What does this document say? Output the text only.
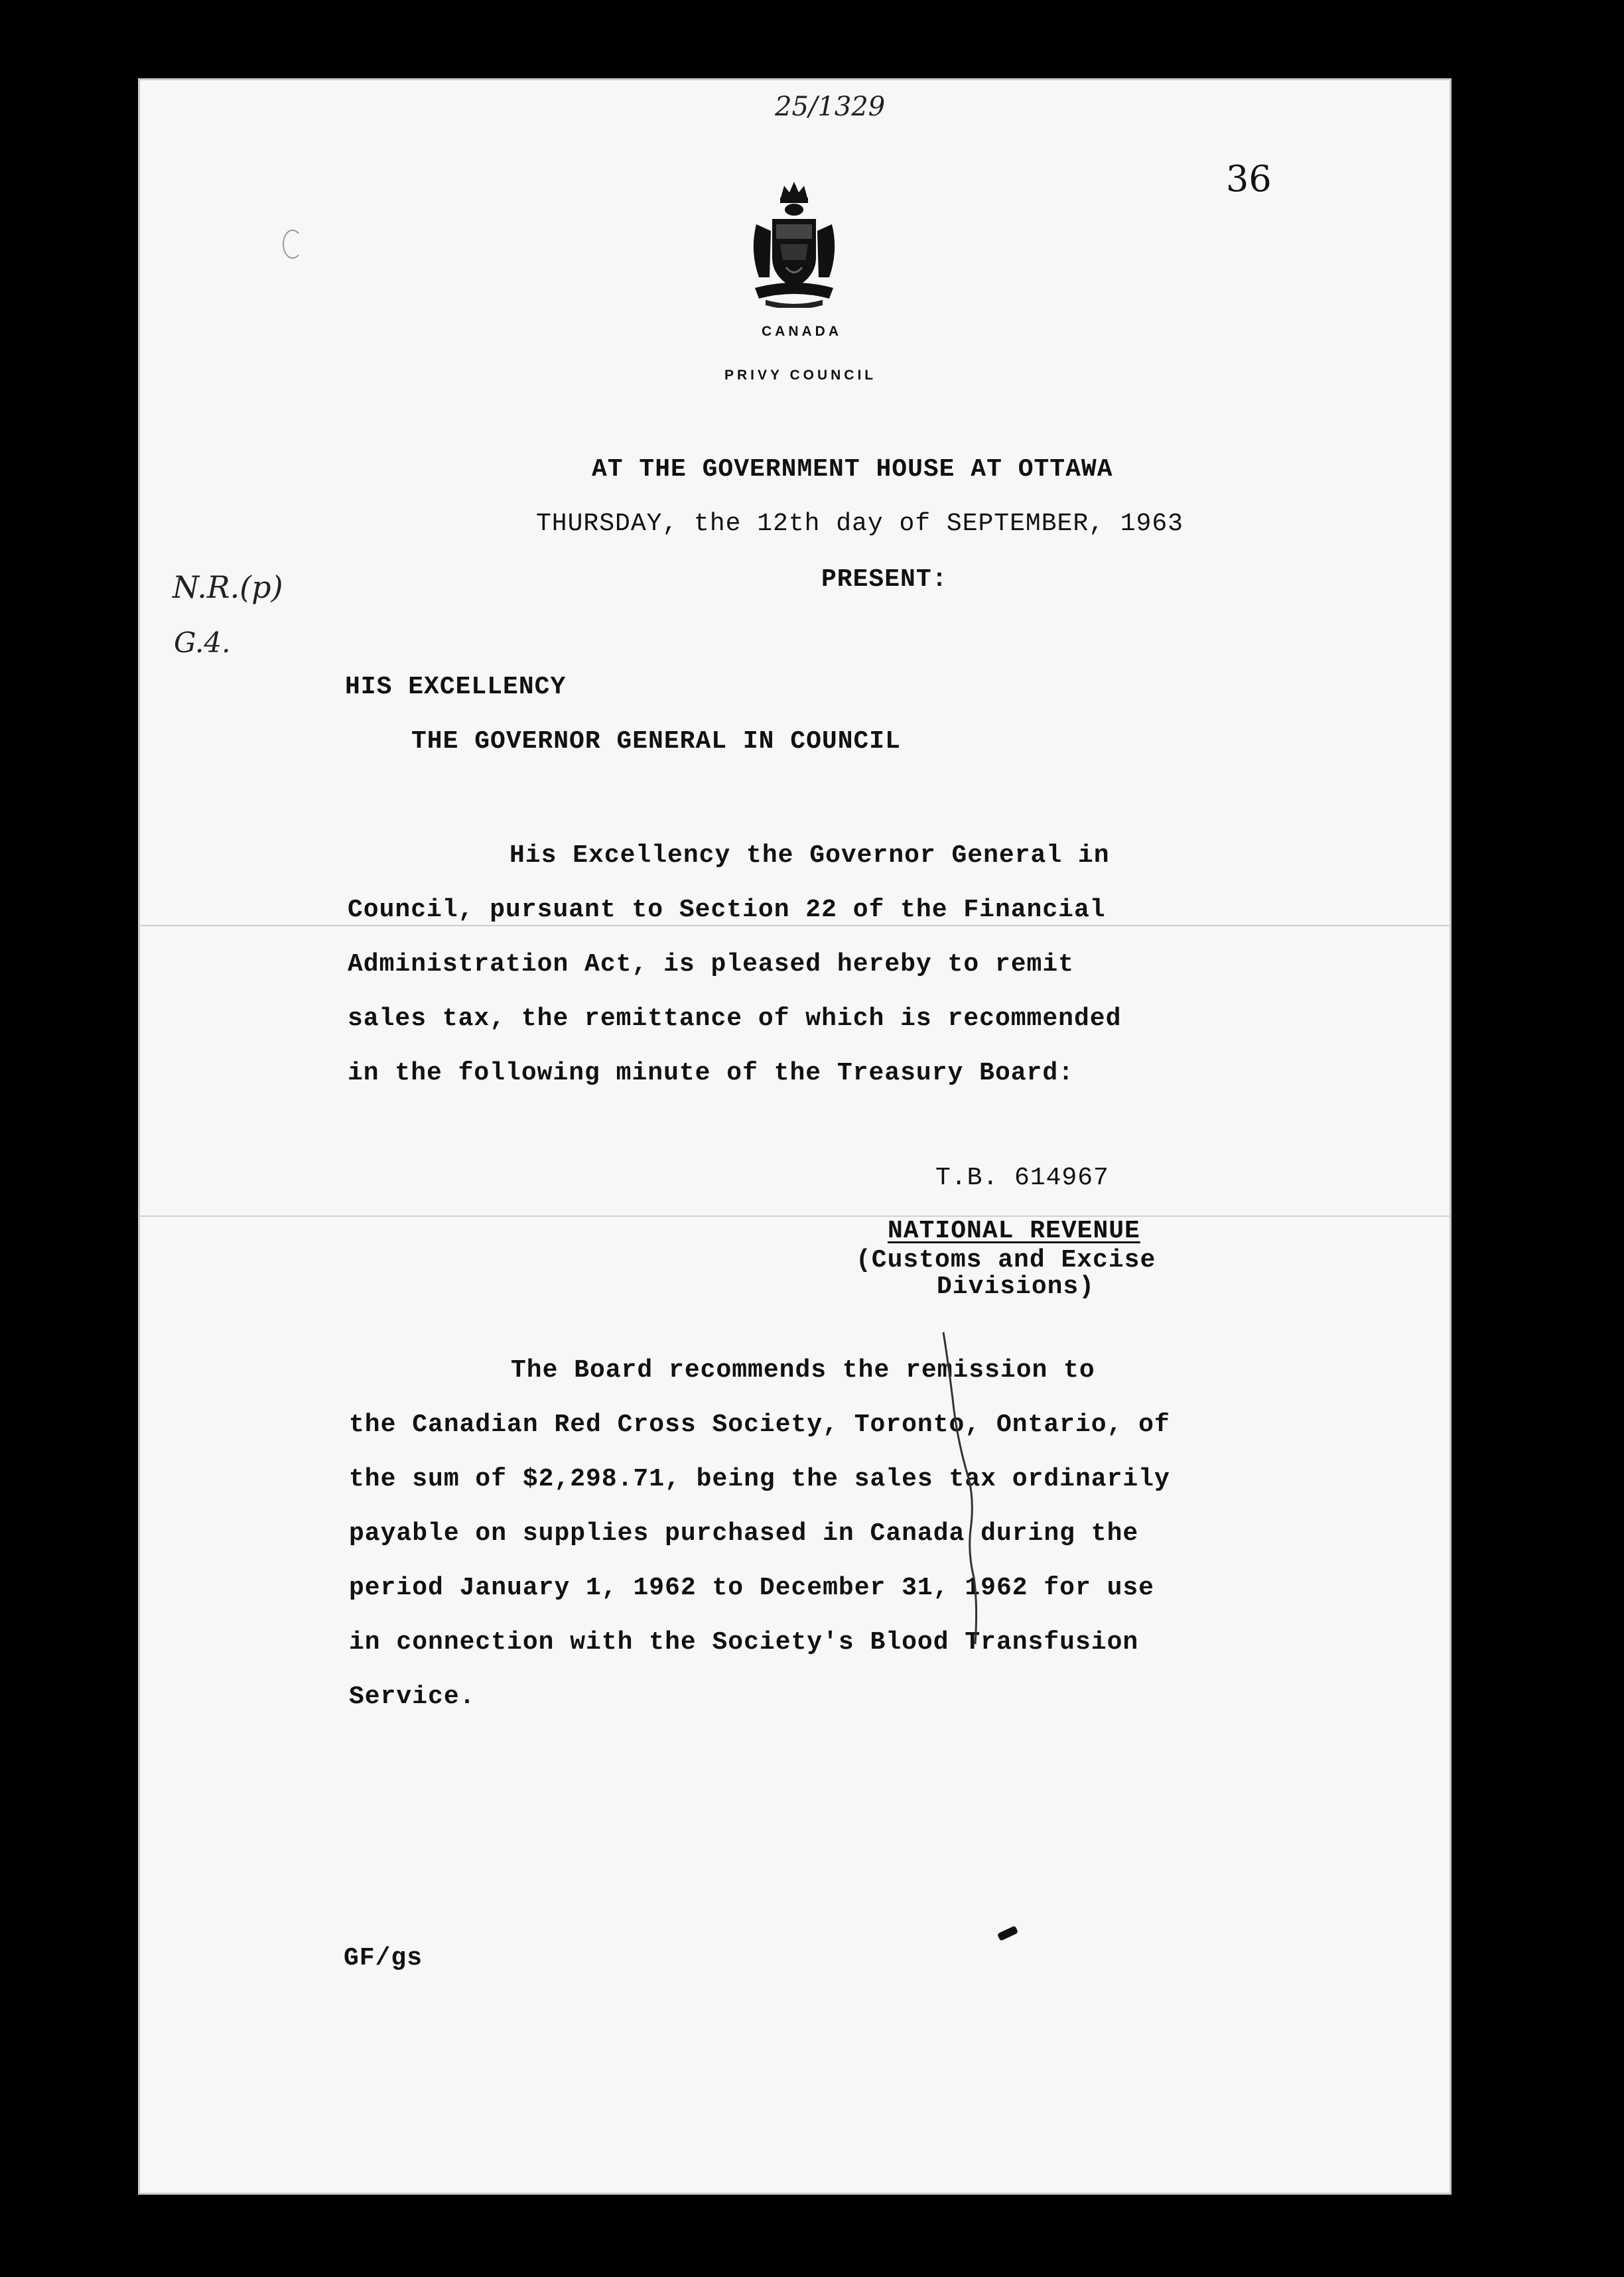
25/1329
36
CANADA
PRIVY COUNCIL
N.R.(p)
G.4.
AT THE GOVERNMENT HOUSE AT OTTAWA
THURSDAY, the 12th day of SEPTEMBER, 1963
PRESENT:
HIS EXCELLENCY
THE GOVERNOR GENERAL IN COUNCIL
His Excellency the Governor General in
Council, pursuant to Section 22 of the Financial
Administration Act, is pleased hereby to remit
sales tax, the remittance of which is recommended
in the following minute of the Treasury Board:
T.B. 614967
NATIONAL REVENUE
(Customs and Excise
Divisions)
The Board recommends the remission to
the Canadian Red Cross Society, Toronto, Ontario, of
the sum of $2,298.71, being the sales tax ordinarily
payable on supplies purchased in Canada during the
period January 1, 1962 to December 31, 1962 for use
in connection with the Society's Blood Transfusion
Service.
GF/gs
